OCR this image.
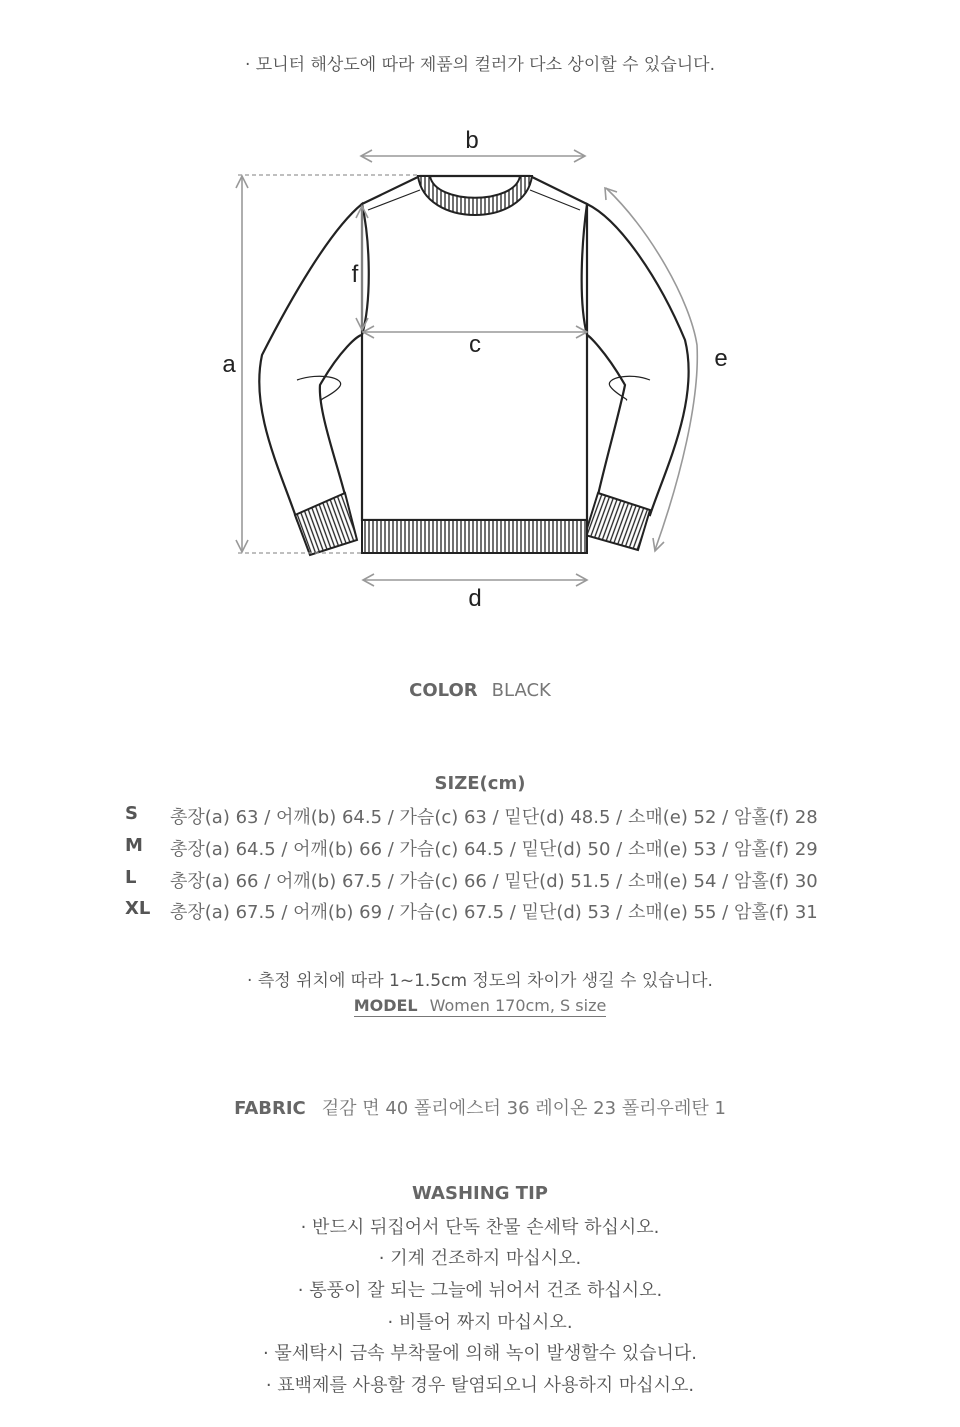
· 모니터 해상도에 따라 제품의 컬러가 다소 상이할 수 있습니다.
b
f
c
a	e
d
COLOR BLACK
SIZE(cm)
S 총장(a) 63 / 어깨(b) 64.5 / 가슴(c) 63 / 밑단(d) 48.5 / 소매(e) 52 / 암홀(f) 28
M 총장(a) 64.5 / 어깨(b) 66 / 가슴(c) 64.5 / 밑단(d) 50 / 소매(e) 53 / 암홀(f) 29
L 총장(a) 66 / 어깨(b) 67.5 / 가슴(c) 66 / 밑단(d) 51.5 / 소매(e) 54 / 암홀(f) 30
XL 총장(a) 67.5 / 어깨(b) 69 / 가슴(c) 67.5 / 밑단(d) 53 / 소매(e) 55 / 암홀(f) 31
· 측정 위치에 따라 1~1.5cm 정도의 차이가 생길 수 있습니다.
MODEL Women 170cm, S size
FABRIC 겉감 면 40 폴리에스터 36 레이온 23 폴리우레탄 1
WASHING TIP
· 반드시 뒤집어서 단독 찬물 손세탁 하십시오.
· 기계 건조하지 마십시오.
· 통풍이 잘 되는 그늘에 뉘어서 건조 하십시오.
· 비틀어 짜지 마십시오.
· 물세탁시 금속 부착물에 의해 녹이 발생할수 있습니다.
· 표백제를 사용할 경우 탈염되오니 사용하지 마십시오.
